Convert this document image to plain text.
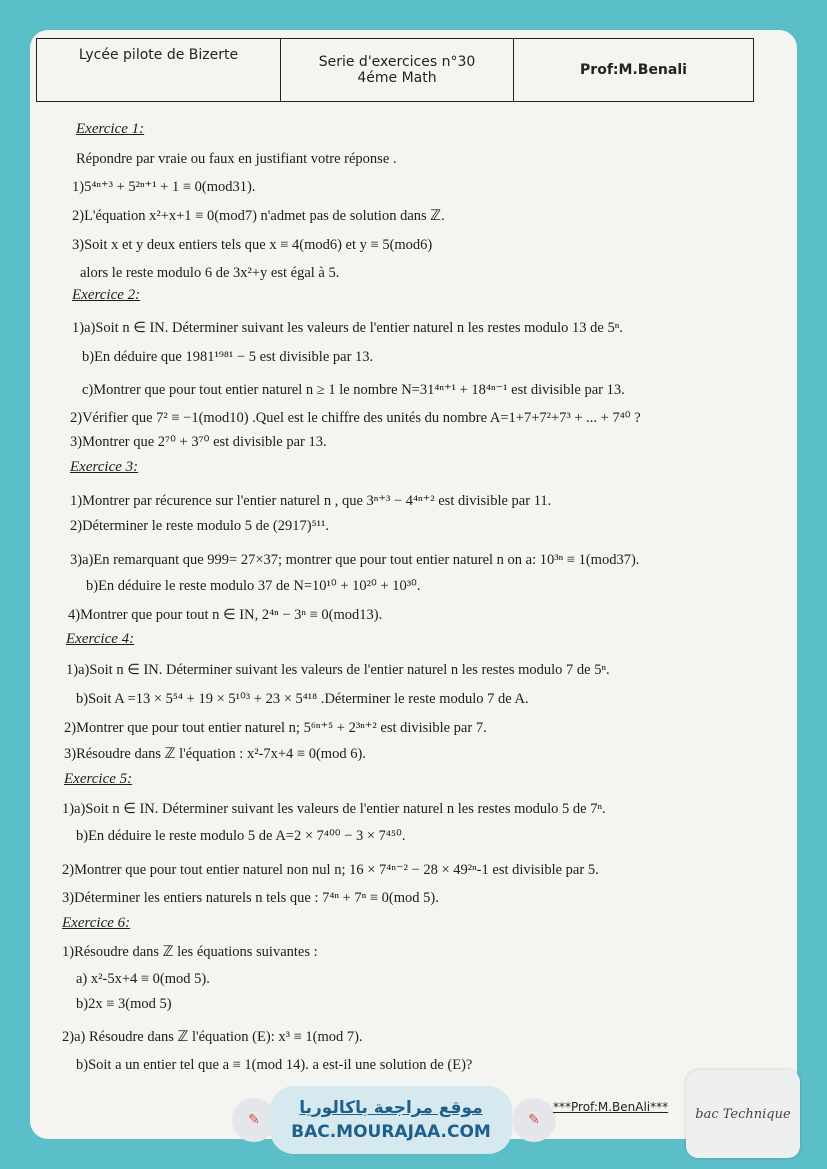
Lycée pilote de Bizerte	Serie d'exercices n°30
4éme Math	Prof:M.Benali
Exercice 1:
Répondre par vraie ou faux en justifiant votre réponse .
1)5⁴ⁿ⁺³ + 5²ⁿ⁺¹ + 1 ≡ 0(mod31).
2)L'équation x²+x+1 ≡ 0(mod7) n'admet pas de solution dans ℤ.
3)Soit x et y deux entiers tels que x ≡ 4(mod6) et y ≡ 5(mod6)
alors le reste modulo 6 de 3x²+y est égal à 5.
Exercice 2:
1)a)Soit n ∈ IN. Déterminer suivant les valeurs de l'entier naturel n les restes modulo 13 de 5ⁿ.
b)En déduire que 1981¹⁹⁸¹ − 5 est divisible par 13.
c)Montrer que pour tout entier naturel n ≥ 1 le nombre N=31⁴ⁿ⁺¹ + 18⁴ⁿ⁻¹ est divisible par 13.
2)Vérifier que 7² ≡ −1(mod10) .Quel est le chiffre des unités du nombre A=1+7+7²+7³ + ... + 7⁴⁰ ?
3)Montrer que 2⁷⁰ + 3⁷⁰ est divisible par 13.
Exercice 3:
1)Montrer par récurence sur l'entier naturel n , que 3ⁿ⁺³ − 4⁴ⁿ⁺² est divisible par 11.
2)Déterminer le reste modulo 5 de (2917)⁵¹¹.
3)a)En remarquant que 999= 27×37; montrer que pour tout entier naturel n on a: 10³ⁿ ≡ 1(mod37).
b)En déduire le reste modulo 37 de N=10¹⁰ + 10²⁰ + 10³⁰.
4)Montrer que pour tout n ∈ IN, 2⁴ⁿ − 3ⁿ ≡ 0(mod13).
Exercice 4:
1)a)Soit n ∈ IN. Déterminer suivant les valeurs de l'entier naturel n les restes modulo 7 de 5ⁿ.
b)Soit A =13 × 5⁵⁴ + 19 × 5¹⁰³ + 23 × 5⁴¹⁸ .Déterminer le reste modulo 7 de A.
2)Montrer que pour tout entier naturel n; 5⁶ⁿ⁺⁵ + 2³ⁿ⁺² est divisible par 7.
3)Résoudre dans ℤ l'équation : x²-7x+4 ≡ 0(mod 6).
Exercice 5:
1)a)Soit n ∈ IN. Déterminer suivant les valeurs de l'entier naturel n les restes modulo 5 de 7ⁿ.
b)En déduire le reste modulo 5 de A=2 × 7⁴⁰⁰ − 3 × 7⁴⁵⁰.
2)Montrer que pour tout entier naturel non nul n; 16 × 7⁴ⁿ⁻² − 28 × 49²ⁿ-1 est divisible par 5.
3)Déterminer les entiers naturels n tels que : 7⁴ⁿ + 7ⁿ ≡ 0(mod 5).
Exercice 6:
1)Résoudre dans ℤ les équations suivantes :
a) x²-5x+4 ≡ 0(mod 5).
b)2x ≡ 3(mod 5)
2)a) Résoudre dans ℤ l'équation (E): x³ ≡ 1(mod 7).
b)Soit a un entier tel que a ≡ 1(mod 14). a est-il une solution de (E)?
✎
موقع مراجعة باكالوريا
BAC.MOURAJAA.COM
✎
***Prof:M.BenAli*** bac Technique
